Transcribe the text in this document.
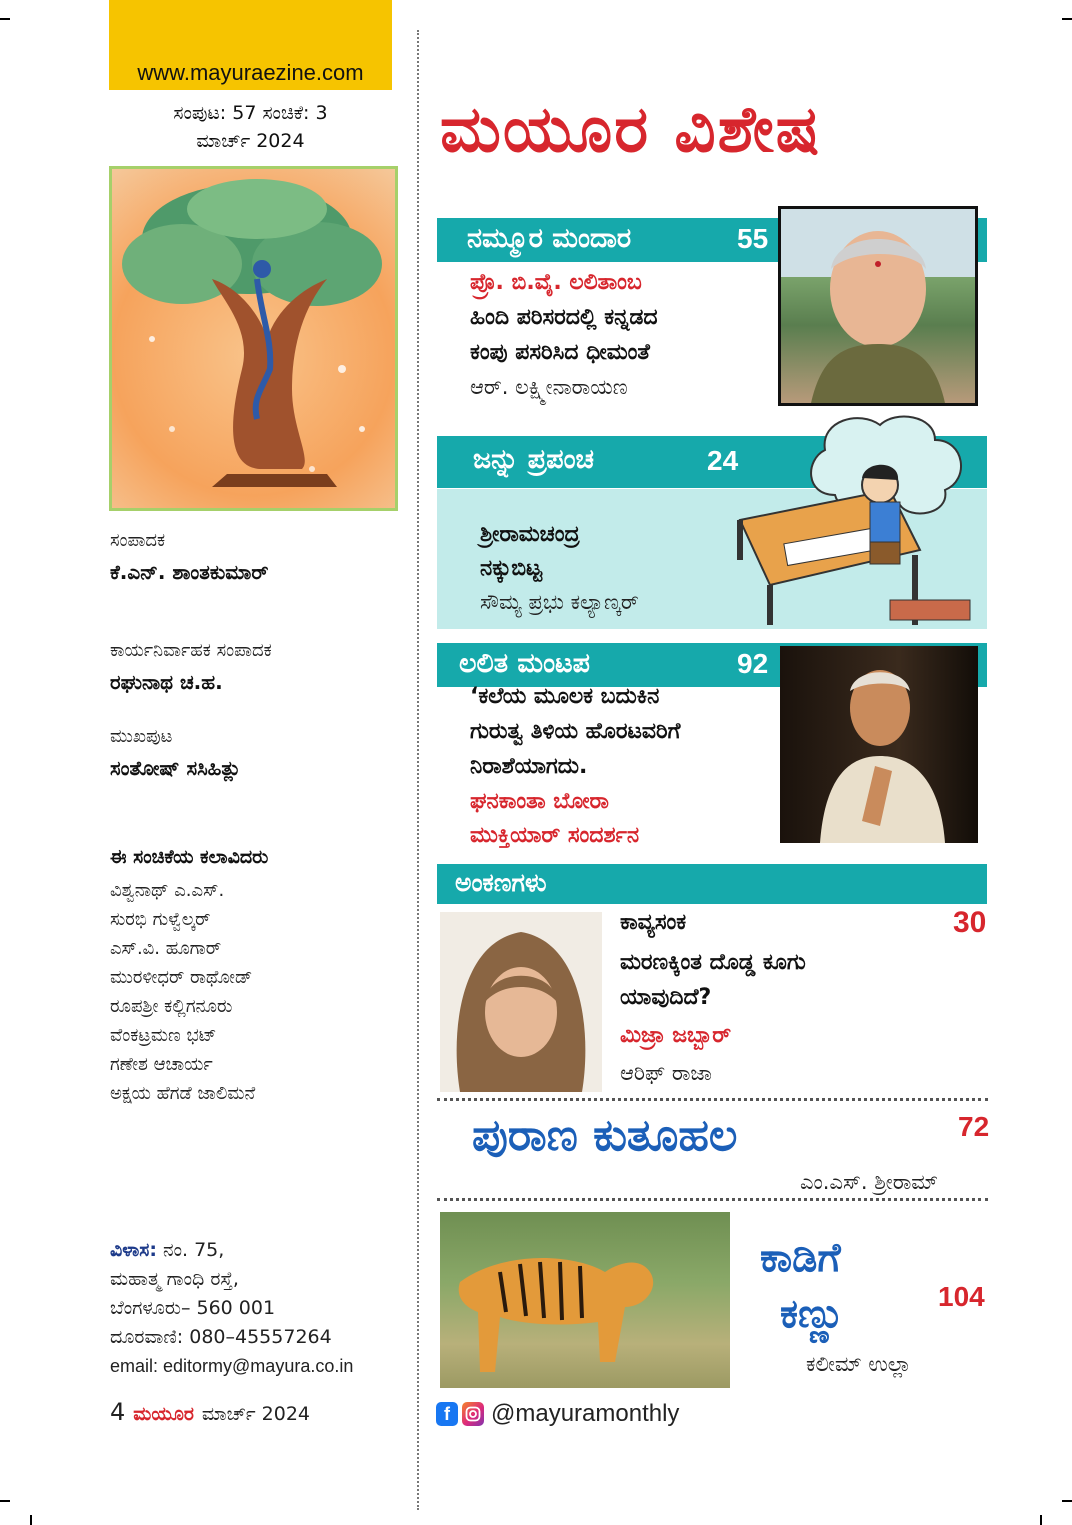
www.mayuraezine.com
ಸಂಪುಟ: 57 ಸಂಚಿಕೆ: 3
ಮಾರ್ಚ್ 2024
ಸಂಪಾದಕ
ಕೆ.ಎನ್. ಶಾಂತಕುಮಾರ್
ಕಾರ್ಯನಿರ್ವಾಹಕ ಸಂಪಾದಕ
ರಘುನಾಥ ಚ.ಹ.
ಮುಖಪುಟ
ಸಂತೋಷ್ ಸಸಿಹಿತ್ಲು
ಈ ಸಂಚಿಕೆಯ ಕಲಾವಿದರು
ವಿಶ್ವನಾಥ್ ಎ.ಎಸ್.
ಸುರಭಿ ಗುಳ್ವೆಲ್ಕರ್
ಎಸ್.ವಿ. ಹೂಗಾರ್
ಮುರಳೀಧರ್ ರಾಥೋಡ್
ರೂಪಶ್ರೀ ಕಲ್ಲಿಗನೂರು
ವೆಂಕಟ್ರಮಣ ಭಟ್
ಗಣೇಶ ಆಚಾರ್ಯ
ಅಕ್ಷಯ ಹೆಗಡೆ ಜಾಲಿಮನೆ
ವಿಳಾಸ: ನಂ. 75,
ಮಹಾತ್ಮ ಗಾಂಧಿ ರಸ್ತೆ,
ಬೆಂಗಳೂರು– 560 001
ದೂರವಾಣಿ: 080–45557264
email: editormy@mayura.co.in
4 ಮಯೂರ ಮಾರ್ಚ್ 2024
ಮಯೂರ ವಿಶೇಷ
ನಮ್ಮೂರ ಮಂದಾರ	55
ಪ್ರೊ. ಬಿ.ವೈ. ಲಲಿತಾಂಬ
ಹಿಂದಿ ಪರಿಸರದಲ್ಲಿ ಕನ್ನಡದ
ಕಂಪು ಪಸರಿಸಿದ ಧೀಮಂತೆ
ಆರ್. ಲಕ್ಷ್ಮೀನಾರಾಯಣ
ಜನ್ನು ಪ್ರಪಂಚ	24
ಶ್ರೀರಾಮಚಂದ್ರ
ನಕ್ಕುಬಿಟ್ಟ
ಸೌಮ್ಯ ಪ್ರಭು ಕಲ್ಯಾಣ್ಕರ್
ಲಲಿತ ಮಂಟಪ	92
‘ಕಲೆಯ ಮೂಲಕ ಬದುಕಿನ
ಗುರುತ್ವ ತಿಳಿಯ ಹೊರಟವರಿಗೆ
ನಿರಾಶೆಯಾಗದು.
ಘನಕಾಂತಾ ಬೋರಾ
ಮುಕ್ತಿಯಾರ್ ಸಂದರ್ಶನ
ಅಂಕಣಗಳು
ಕಾವ್ಯಸಂಕ	30
ಮರಣಕ್ಕಿಂತ ದೊಡ್ಡ ಕೂಗು
ಯಾವುದಿದೆ?
ಮಿಜ್ರಾ ಜಬ್ಬಾರ್
ಆರಿಫ್ ರಾಜಾ
ಪುರಾಣ ಕುತೂಹಲ	72
ಎಂ.ಎಸ್. ಶ್ರೀರಾಮ್
ಕಾಡಿಗೆ
ಕಣ್ಣು	104
ಕಲೀಮ್ ಉಲ್ಲಾ
f	@mayuramonthly
